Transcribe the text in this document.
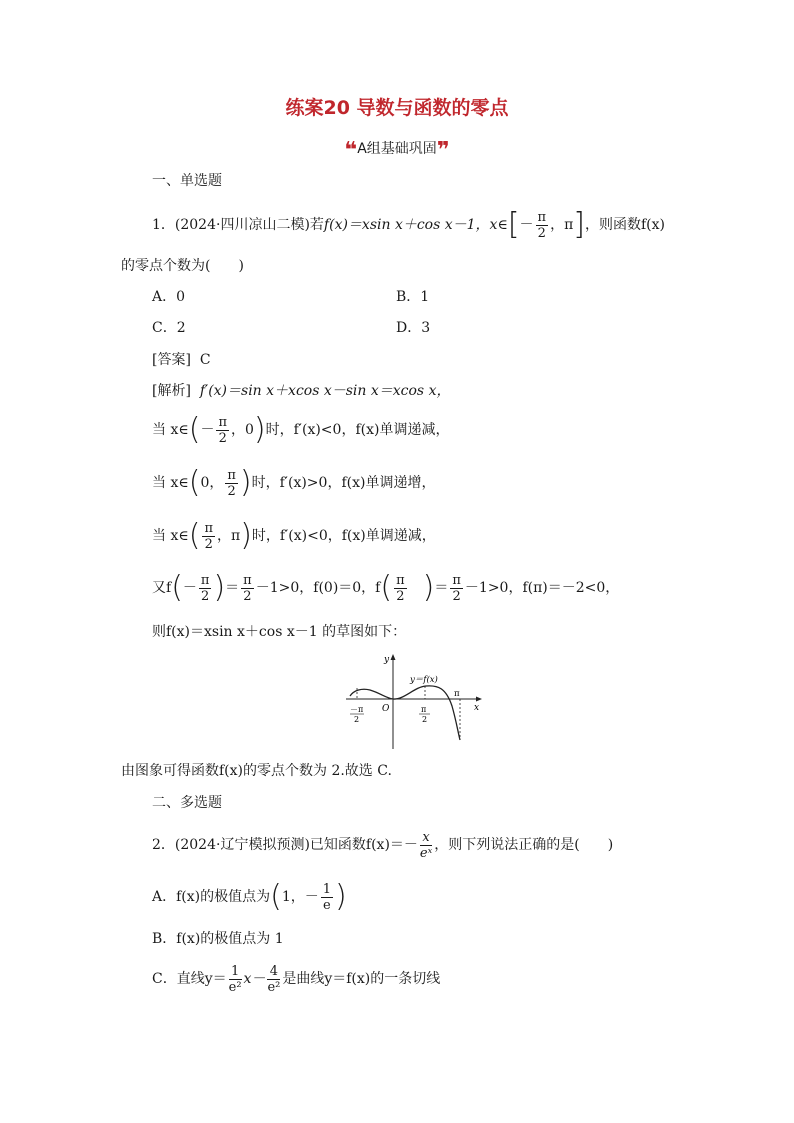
练案20 导数与函数的零点
❝A组基础巩固❞
一、单选题
1．(2024·四川凉山二模)若 f(x)＝xsin x＋cos x－1，x∈ [ － $\frac{\pi}{2}$ ，π ] ，则函数f(x)
的零点个数为(　　)
A．0	B．1
C．2	D．3
[答案] C
[解析] f′(x)＝sin x＋xcos x－sin x＝xcos x，
当 x∈ ( － $\frac{\pi}{2}$ ，0 ) 时，f′(x)<0，f(x)单调递减，
当 x∈ ( 0， $\frac{\pi}{2}$ ) 时，f′(x)>0，f(x)单调递增，
当 x∈ ( $\frac{\pi}{2}$ ，π ) 时，f′(x)<0，f(x)单调递减，
又f ( － $\frac{\pi}{2}$ ) ＝ $\frac{\pi}{2} -1>0$，f(0)＝0，f ( $\frac{\pi}{2}$ ) ＝ $\frac{\pi}{2} -1>0$，f(π)＝－2<0，
则f(x)＝xsin x＋cos x－1 的草图如下：
y
x
O
y＝f(x)
π
－π
2
π
2
由图象可得函数f(x)的零点个数为 2.故选 C.
二、多选题
2．(2024·辽宁模拟预测)已知函数$f(x)=- \frac{x}{\text{eˣ}}$ ，则下列说法正确的是(　　)
A．f(x)的极值点为 ( 1，－ $\frac{1}{e}$ )
B．f(x)的极值点为 1
C．直线$y= \frac{1}{\text{e²}} x- \frac{4}{\text{e²}}$ 是曲线y＝f(x)的一条切线
